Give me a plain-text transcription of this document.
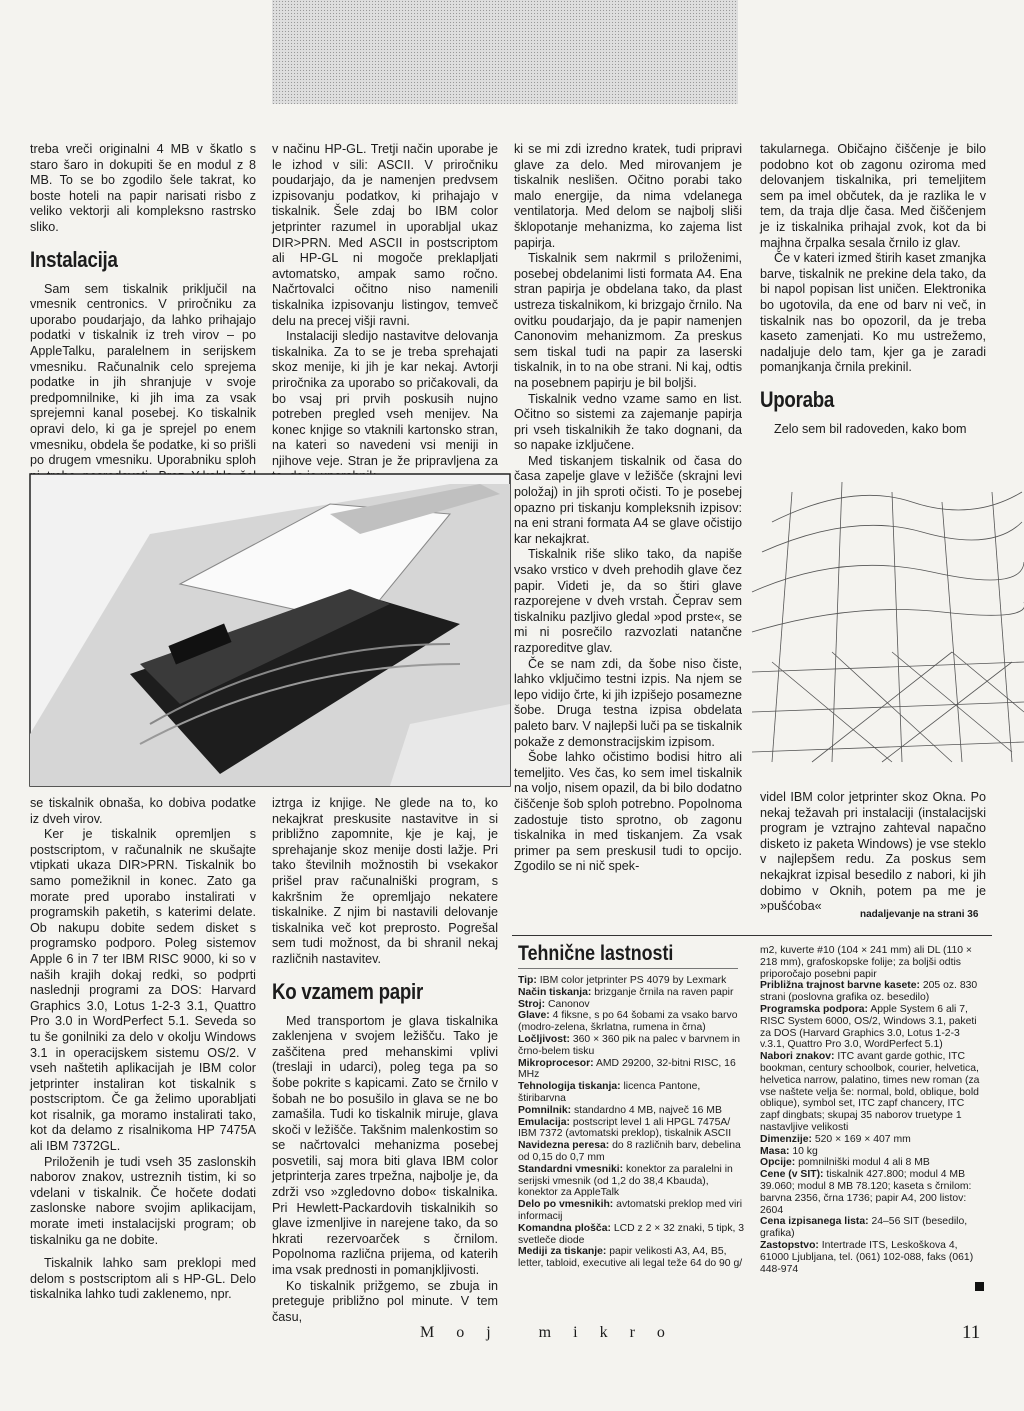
treba vreči originalni 4 MB v škatlo s staro šaro in dokupiti še en modul z 8 MB. To se bo zgodilo šele takrat, ko boste hoteli na papir narisati risbo z veliko vektorji ali kompleksno rastrsko sliko.

Instalacija

Sam sem tiskalnik priključil na vmesnik centronics. V priročniku za uporabo poudarjajo, da lahko prihajajo podatki v tiskalnik iz treh virov – po AppleTalku, paralelnem in serijskem vmesniku. Računalnik celo sprejema podatke in jih shranjuje v svoje predpomnilnike, ki jih ima za vsak sprejemni kanal posebej. Ko tiskalnik opravi delo, ki ga je sprejel po enem vmesniku, obdela še podatke, ki so prišli po drugem vmesniku. Uporabniku sploh

v načinu HP-GL. Tretji način uporabe je le izhod v sili: ASCII. V priročniku poudarjajo, da je namenjen predvsem izpisovanju podatkov, ki prihajajo v tiskalnik. Šele zdaj bo IBM color jetprinter razumel in uporabljal ukaz DIR>PRN. Med ASCII in postscriptom ali HP-GL ni mogoče preklapljati avtomatsko, ampak samo ročno. Načrtovalci očitno niso namenili tiskalnika izpisovanju listingov, temveč delu na precej višji ravni.

Instalaciji sledijo nastavitve delovanja tiskalnika. Za to se je treba sprehajati skoz menije, ki jih je kar nekaj. Avtorji priročnika za uporabo so pričakovali, da bo vsaj pri prvih poskusih nujno potreben pregled vseh menijev. Na konec knjige so vtaknili kartonsko stran, na kateri so navedeni vsi meniji in njihove veje. Stran je že pripravljena za

ki se mi zdi izredno kratek, tudi pripravi glave za delo. Med mirovanjem je tiskalnik neslišen. Očitno porabi tako malo energije, da nima vdelanega ventilatorja. Med delom se najbolj sliši šklopotanje mehanizma, ko zajema list papirja.

Tiskalnik sem nakrmil s priloženimi, posebej obdelanimi listi formata A4. Ena stran papirja je obdelana tako, da plast ustreza tiskalnikom, ki brizgajo črnilo. Na ovitku poudarjajo, da je papir namenjen Canonovim mehanizmom. Za preskus sem tiskal tudi na papir za laserski tiskalnik, in to na obe strani. Ni kaj, odtis na posebnem papirju je bil boljši.

Tiskalnik vedno vzame samo en list. Očitno so sistemi za zajemanje papirja pri vseh tiskalnikih že tako dognani, da so napake izključene.

Med tiskanjem tiskalnik od časa do časa zapelje glave v ležišče (skrajni levi položaj) in jih sproti očisti. To je posebej opazno pri tiskanju kompleksnih izpisov: na eni strani formata A4 se glave očistijo kar nekajkrat.

Tiskalnik riše sliko tako, da napiše vsako vrstico v dveh prehodih glave čez papir. Videti je, da so štiri glave razporejene v dveh vrstah. Čeprav sem tiskalniku pazljivo gledal »pod prste«, se mi ni posrečilo razvozlati natančne razporeditve glav.

Če se nam zdi, da šobe niso čiste, lahko vključimo testni izpis. Na njem se lepo vidijo črte, ki jih izpišejo posamezne šobe. Druga testna izpisa obdelata paleto barv. V najlepši luči pa se tiskalnik pokaže z demonstracijskim izpisom.

Šobe lahko očistimo bodisi hitro ali temeljito. Ves čas, ko sem imel tiskalnik na voljo, nisem opazil, da bi bilo dodatno čiščenje šob sploh potrebno. Popolnoma zadostuje tisto sprotno, ob zagonu tiskalnika in med tiskanjem. Za vsak primer pa sem preskusil tudi to opcijo. Zgodilo se ni nič spek-

takularnega. Običajno čiščenje je bilo podobno kot ob zagonu oziroma med delovanjem tiskalnika, pri temeljitem sem pa imel občutek, da je razlika le v tem, da traja dlje časa. Med čiščenjem je iz tiskalnika prihajal zvok, kot da bi majhna črpalka sesala črnilo iz glav.

Če v kateri izmed štirih kaset zmanjka barve, tiskalnik ne prekine dela tako, da bi napol popisan list uničen. Elektronika bo ugotovila, da ene od barv ni več, in tiskalnik nas bo opozoril, da je treba kaseto zamenjati. Ko mu ustrežemo, nadaljuje delo tam, kjer ga je zaradi pomanjkanja črnila prekinil.

Uporaba

Zelo sem bil radoveden, kako bom

se tiskalnik obnaša, ko dobiva podatke iz dveh virov.

Ker je tiskalnik opremljen s postscriptom, v računalnik ne skušajte vtipkati ukaza DIR>PRN. Tiskalnik bo samo pomežiknil in konec. Zato ga morate pred uporabo instalirati v programskih paketih, s katerimi delate. Ob nakupu dobite sedem disket s programsko podporo. Poleg sistemov Apple 6 in 7 ter IBM RISC 9000, ki so v naših krajih dokaj redki, so podprti naslednji programi za DOS: Harvard Graphics 3.0, Lotus 1-2-3 3.1, Quattro Pro 3.0 in WordPerfect 5.1. Seveda so tu še gonilniki za delo v okolju Windows 3.1 in operacijskem sistemu OS/2. V vseh naštetih aplikacijah je IBM color jetprinter instaliran kot tiskalnik s postscriptom. Če ga želimo uporabljati kot risalnik, ga moramo instalirati tako, kot da delamo z risalnikoma HP 7475A ali IBM 7372GL.

Priloženih je tudi vseh 35 zaslonskih naborov znakov, ustreznih tistim, ki so vdelani v tiskalnik. Če hočete dodati zaslonske nabore svojim aplikacijam, morate imeti instalacijski program; ob tiskalniku ga ne dobite.

Tiskalnik lahko sam preklopi med delom s postscriptom ali s HP-GL. Delo tiskalnika lahko tudi zaklenemo, npr.

iztrga iz knjige. Ne glede na to, ko nekajkrat preskusite nastavitve in si približno zapomnite, kje je kaj, je sprehajanje skoz menije dosti lažje. Pri tako številnih možnostih bi vsekakor prišel prav računalniški program, s kakršnim že opremljajo nekatere tiskalnike. Z njim bi nastavili delovanje tiskalnika več kot preprosto. Pogrešal sem tudi možnost, da bi shranil nekaj različnih nastavitev.

Ko vzamem papir

Med transportom je glava tiskalnika zaklenjena v svojem ležišču. Tako je zaščitena pred mehanskimi vplivi (treslaji in udarci), poleg tega pa so šobe pokrite s kapicami. Zato se črnilo v šobah ne bo posušilo in glava se ne bo zamašila. Tudi ko tiskalnik miruje, glava skoči v ležišče. Takšnim malenkostim so se načrtovalci mehanizma posebej posvetili, saj mora biti glava IBM color jetprinterja zares trpežna, najbolje je, da zdrži vso »zgledovno dobo« tiskalnika. Pri Hewlett-Packardovih tiskalnikih so glave izmenljive in narejene tako, da so hkrati rezervoarček s črnilom. Popolnoma različna prijema, od katerih ima vsak prednosti in pomanjkljivosti.

Ko tiskalnik prižgemo, se zbuja in preteguje približno pol minute. V tem času,

videl IBM color jetprinter skoz Okna. Po nekaj težavah pri instalaciji (instalacijski program je vztrajno zahteval napačno disketo iz paketa Windows) je vse steklo v najlepšem redu. Za poskus sem nekajkrat izpisal besedilo z nabori, ki jih dobimo v Oknih, potem pa me je »pušćoba«

nadaljevanje na strani 36
Tehnične lastnosti

Tip: IBM color jetprinter PS 4079 by Lexmark

Način tiskanja: brizganje črnila na raven papir

Stroj: Canonov

Glave: 4 fiksne, s po 64 šobami za vsako barvo (modro-zelena, škrlatna, rumena in črna)

Ločljivost: 360 × 360 pik na palec v barvnem in črno-belem tisku

Mikroprocesor: AMD 29200, 32-bitni RISC, 16 MHz

Tehnologija tiskanja: licenca Pantone, štiribarvna

Pomnilnik: standardno 4 MB, največ 16 MB

Emulacija: postscript level 1 ali HPGL 7475A/ IBM 7372 (avtomatski preklop), tiskalnik ASCII

Navidezna peresa: do 8 različnih barv, debelina od 0,15 do 0,7 mm

Standardni vmesniki: konektor za paralelni in serijski vmesnik (od 1,2 do 38,4 Kbauda), konektor za AppleTalk

Delo po vmesnikih: avtomatski preklop med viri informacij

Komandna plošča: LCD z 2 × 32 znaki, 5 tipk, 3 svetleče diode

Mediji za tiskanje: papir velikosti A3, A4, B5, letter, tabloid, executive ali legal teže 64 do 90 g/

m2, kuverte #10 (104 × 241 mm) ali DL (110 × 218 mm), grafoskopske folije; za boljši odtis priporočajo posebni papir

Približna trajnost barvne kasete: 205 oz. 830 strani (poslovna grafika oz. besedilo)

Programska podpora: Apple System 6 ali 7, RISC System 6000, OS/2, Windows 3.1, paketi za DOS (Harvard Graphics 3.0, Lotus 1-2-3 v.3.1, Quattro Pro 3.0, WordPerfect 5.1)

Nabori znakov: ITC avant garde gothic, ITC bookman, century schoolbok, courier, helvetica, helvetica narrow, palatino, times new roman (za vse naštete velja še: normal, bold, oblique, bold oblique), symbol set, ITC zapf chancery, ITC zapf dingbats; skupaj 35 naborov truetype 1 nastavljive velikosti

Dimenzije: 520 × 169 × 407 mm

Masa: 10 kg

Opcije: pomnilniški modul 4 ali 8 MB

Cene (v SIT): tiskalnik 427.800; modul 4 MB 39.060; modul 8 MB 78.120; kaseta s črnilom: barvna 2356, črna 1736; papir A4, 200 listov: 2604

Cena izpisanega lista: 24–56 SIT (besedilo, grafika)

Zastopstvo: Intertrade ITS, Leskoškova 4, 61000 Ljubljana, tel. (061) 102-088, faks (061) 448-974

Moj mikro	11
